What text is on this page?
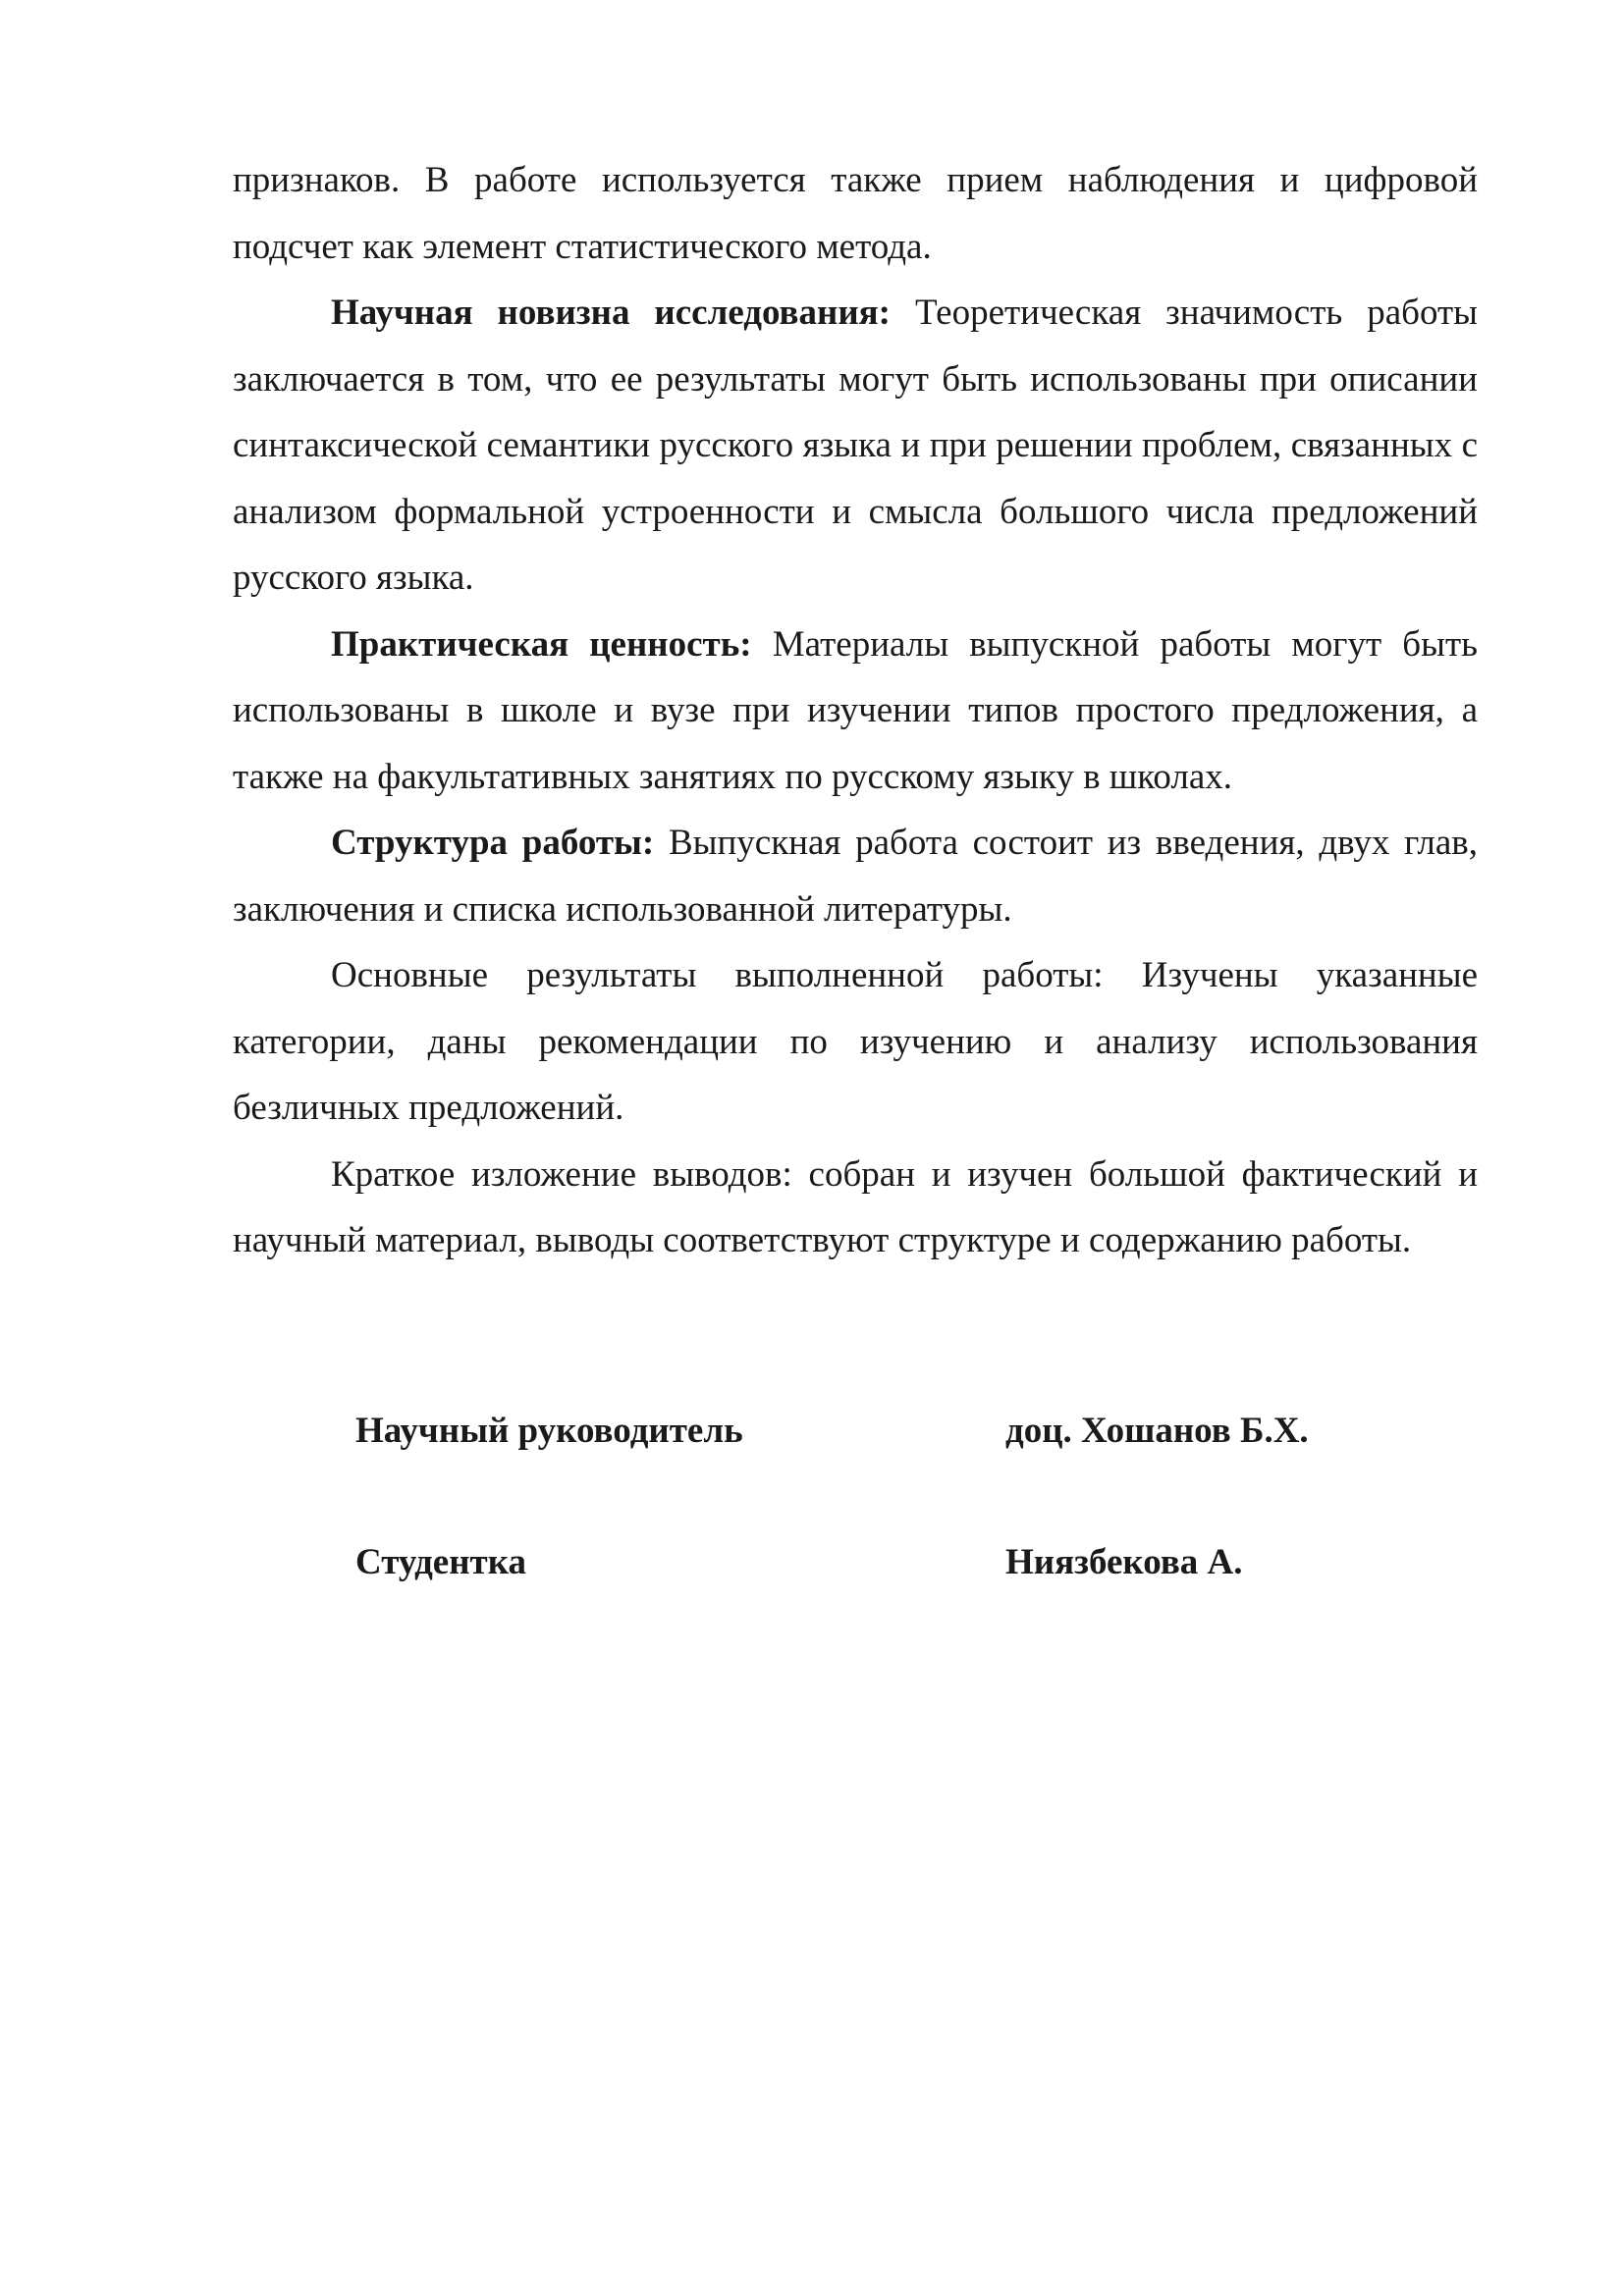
признаков. В работе используется также прием наблюдения и цифровой подсчет как элемент статистического метода.

Научная новизна исследования: Теоретическая значимость работы заключается в том, что ее результаты могут быть использованы при описании синтаксической семантики русского языка и при решении проблем, связанных с анализом формальной устроенности и смысла большого числа предложений русского языка.

Практическая ценность: Материалы выпускной работы могут быть использованы в школе и вузе при изучении типов простого предложения, а также на факультативных занятиях по русскому языку в школах.

Структура работы: Выпускная работа состоит из введения, двух глав, заключения и списка использованной литературы.

Основные результаты выполненной работы: Изучены указанные категории, даны рекомендации по изучению и анализу использования безличных предложений.

Краткое изложение выводов: собран и изучен большой фактический и научный материал, выводы соответствуют структуре и содержанию работы.

Научный руководитель	доц. Хошанов Б.Х.
Студентка	Ниязбекова А.
